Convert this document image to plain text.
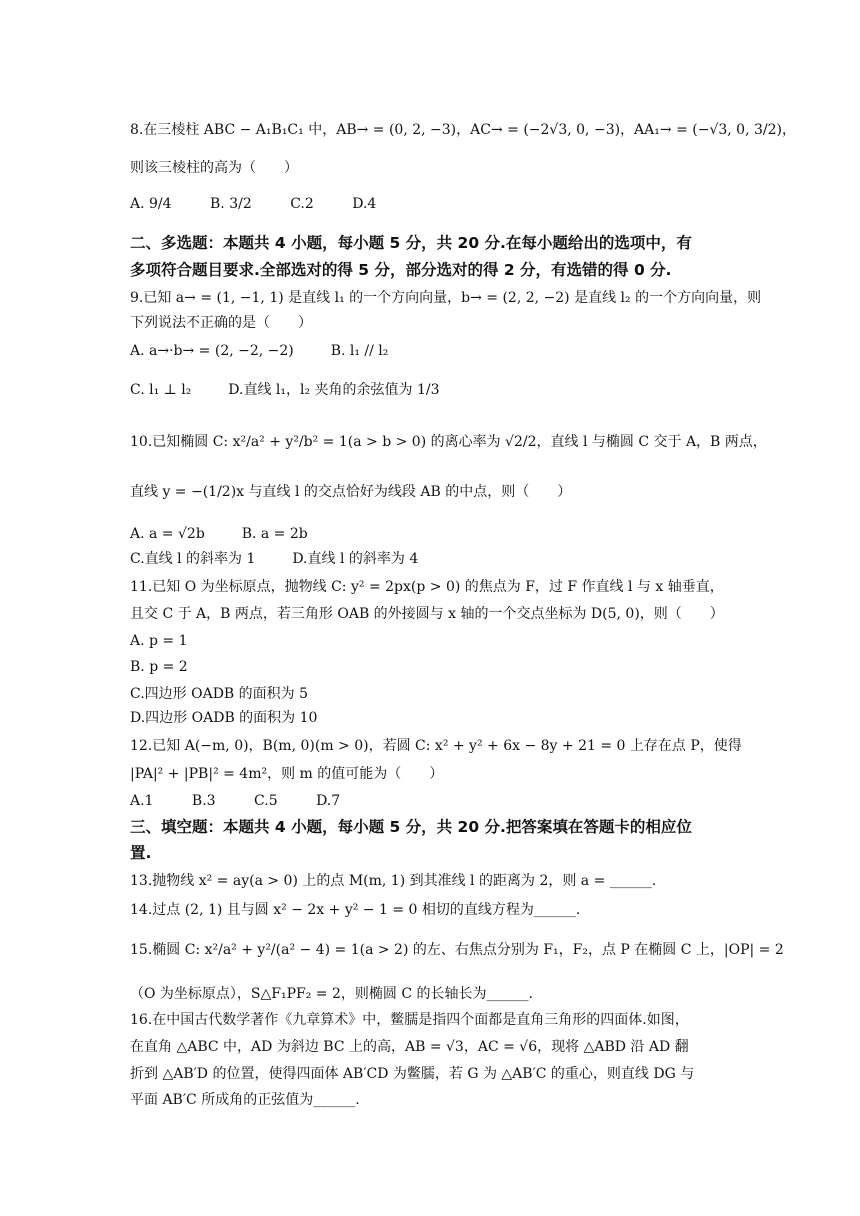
8.在三棱柱 ABC − A₁B₁C₁ 中，AB→ = (0, 2, −3)，AC→ = (−2√3, 0, −3)，AA₁→ = (−√3, 0, 3/2)，
则该三棱柱的高为（　　）
A. 9/4	B. 3/2	C.2	D.4
二、多选题：本题共 4 小题，每小题 5 分，共 20 分.在每小题给出的选项中，有
多项符合题目要求.全部选对的得 5 分，部分选对的得 2 分，有选错的得 0 分.
9.已知 a→ = (1, −1, 1) 是直线 l₁ 的一个方向向量，b→ = (2, 2, −2) 是直线 l₂ 的一个方向向量，则
下列说法不正确的是（　　）
A. a→·b→ = (2, −2, −2)	B. l₁ // l₂
C. l₁ ⊥ l₂	D.直线 l₁，l₂ 夹角的余弦值为 1/3
10.已知椭圆 C: x²/a² + y²/b² = 1(a > b > 0) 的离心率为 √2/2，直线 l 与椭圆 C 交于 A，B 两点，
直线 y = −(1/2)x 与直线 l 的交点恰好为线段 AB 的中点，则（　　）
A. a = √2b	B. a = 2b
C.直线 l 的斜率为 1	D.直线 l 的斜率为 4
11.已知 O 为坐标原点，抛物线 C: y² = 2px(p > 0) 的焦点为 F，过 F 作直线 l 与 x 轴垂直，
且交 C 于 A，B 两点，若三角形 OAB 的外接圆与 x 轴的一个交点坐标为 D(5, 0)，则（　　）
A. p = 1
B. p = 2
C.四边形 OADB 的面积为 5
D.四边形 OADB 的面积为 10
12.已知 A(−m, 0)，B(m, 0)(m > 0)，若圆 C: x² + y² + 6x − 8y + 21 = 0 上存在点 P，使得
|PA|² + |PB|² = 4m²，则 m 的值可能为（　　）
A.1	B.3	C.5	D.7
三、填空题：本题共 4 小题，每小题 5 分，共 20 分.把答案填在答题卡的相应位
置.
13.抛物线 x² = ay(a > 0) 上的点 M(m, 1) 到其准线 l 的距离为 2，则 a = ______.
14.过点 (2, 1) 且与圆 x² − 2x + y² − 1 = 0 相切的直线方程为______.
15.椭圆 C: x²/a² + y²/(a² − 4) = 1(a > 2) 的左、右焦点分别为 F₁，F₂，点 P 在椭圆 C 上，|OP| = 2
（O 为坐标原点），S△F₁PF₂ = 2，则椭圆 C 的长轴长为______.
16.在中国古代数学著作《九章算术》中，鳖臑是指四个面都是直角三角形的四面体.如图，
在直角 △ABC 中，AD 为斜边 BC 上的高，AB = √3，AC = √6，现将 △ABD 沿 AD 翻
折到 △AB′D 的位置，使得四面体 AB′CD 为鳖臑，若 G 为 △AB′C 的重心，则直线 DG 与
平面 AB′C 所成角的正弦值为______.
